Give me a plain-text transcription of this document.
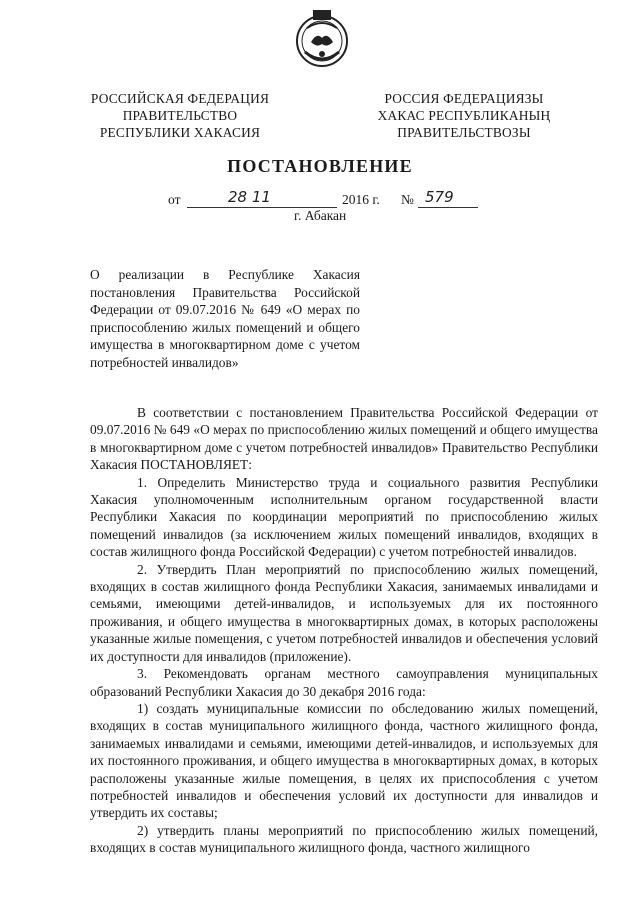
РОССИЙСКАЯ ФЕДЕРАЦИЯ
ПРАВИТЕЛЬСТВО
РЕСПУБЛИКИ ХАКАСИЯ
РОССИЯ ФЕДЕРАЦИЯЗЫ
ХАКАС РЕСПУБЛИКАНЫҢ
ПРАВИТЕЛЬСТВОЗЫ
ПОСТАНОВЛЕНИЕ
от	28 11	2016 г. № 579
г. Абакан
О реализации в Республике Хакасия постановления Правительства Российской Федерации от 09.07.2016 № 649 «О мерах по приспособлению жилых помещений и общего имущества в многоквартирном доме с учетом потребностей инвалидов»

В соответствии с постановлением Правительства Российской Федерации от 09.07.2016 № 649 «О мерах по приспособлению жилых помещений и общего имущества в многоквартирном доме с учетом потребностей инвалидов» Правительство Республики Хакасия ПОСТАНОВЛЯЕТ:

1. Определить Министерство труда и социального развития Республики Хакасия уполномоченным исполнительным органом государственной власти Республики Хакасия по координации мероприятий по приспособлению жилых помещений инвалидов (за исключением жилых помещений инвалидов, входящих в состав жилищного фонда Российской Федерации) с учетом потребностей инвалидов.

2. Утвердить План мероприятий по приспособлению жилых помещений, входящих в состав жилищного фонда Республики Хакасия, занимаемых инвалидами и семьями, имеющими детей-инвалидов, и используемых для их постоянного проживания, и общего имущества в многоквартирных домах, в которых расположены указанные жилые помещения, с учетом потребностей инвалидов и обеспечения условий их доступности для инвалидов (приложение).

3. Рекомендовать органам местного самоуправления муниципальных образований Республики Хакасия до 30 декабря 2016 года:

1) создать муниципальные комиссии по обследованию жилых помещений, входящих в состав муниципального жилищного фонда, частного жилищного фонда, занимаемых инвалидами и семьями, имеющими детей-инвалидов, и используемых для их постоянного проживания, и общего имущества в многоквартирных домах, в которых расположены указанные жилые помещения, в целях их приспособления с учетом потребностей инвалидов и обеспечения условий их доступности для инвалидов и утвердить их составы;

2) утвердить планы мероприятий по приспособлению жилых помещений, входящих в состав муниципального жилищного фонда, частного жилищного
